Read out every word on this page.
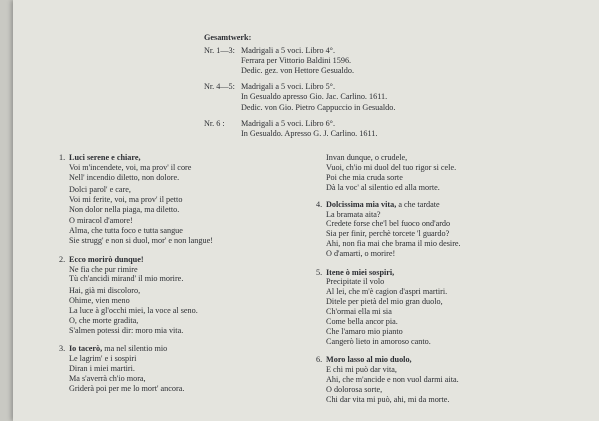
Gesamtwerk:
Nr. 1—3: Madrigali a 5 voci. Libro 4°.
Ferrara per Vittorio Baldini 1596.
Dedic. gez. von Hettore Gesualdo.
Nr. 4—5: Madrigali a 5 voci. Libro 5°.
In Gesualdo apresso Gio. Jac. Carlino. 1611.
Dedic. von Gio. Pietro Cappuccio in Gesualdo.
Nr. 6 :	Madrigali a 5 voci. Libro 6°.
In Gesualdo. Apresso G. J. Carlino. 1611.
1. Luci serene e chiare,
Voi m'incendete, voi, ma prov' il core
Nell' incendio diletto, non dolore.
Dolci parol' e care,
Voi mi ferite, voi, ma prov' il petto
Non dolor nella piaga, ma diletto.
O miracol d'amore!
Alma, che tutta foco e tutta sangue
Sie strugg' e non si duol, mor' e non langue!
2. Ecco morirò dunque!
Ne fia che pur rimire
Tù ch'ancidi mirand' il mio morire.
Hai, già mi discoloro,
Ohime, vien meno
La luce à gl'occhi miei, la voce al seno.
O, che morte gradita,
S'almen potessi dir: moro mia vita.
3. Io tacerò, ma nel silentio mio
Le lagrim' e i sospiri
Diran i miei martiri.
Ma s'averrà ch'io mora,
Griderà poi per me lo mort' ancora.
Invan dunque, o crudele,
Vuoi, ch'io mi duol del tuo rigor si cele.
Poi che mia cruda sorte
Dà la voc' al silentio ed alla morte.
4. Dolcissima mia vita, a che tardate
La bramata aita?
Credete forse che'l bel fuoco ond'ardo
Sia per finir, perchè torcete 'l guardo?
Ahi, non fia mai che brama il mio desire.
O d'amarti, o morire!
5. Itene ò miei sospiri,
Precipitate il volo
Al lei, che m'è cagion d'aspri martiri.
Ditele per pietà del mio gran duolo,
Ch'ormai ella mi sia
Come bella ancor pia.
Che l'amaro mio pianto
Cangerò lieto in amoroso canto.
6. Moro lasso al mio duolo,
E chi mi può dar vita,
Ahi, che m'ancide e non vuol darmi aita.
O dolorosa sorte,
Chi dar vita mi può, ahi, mi da morte.
